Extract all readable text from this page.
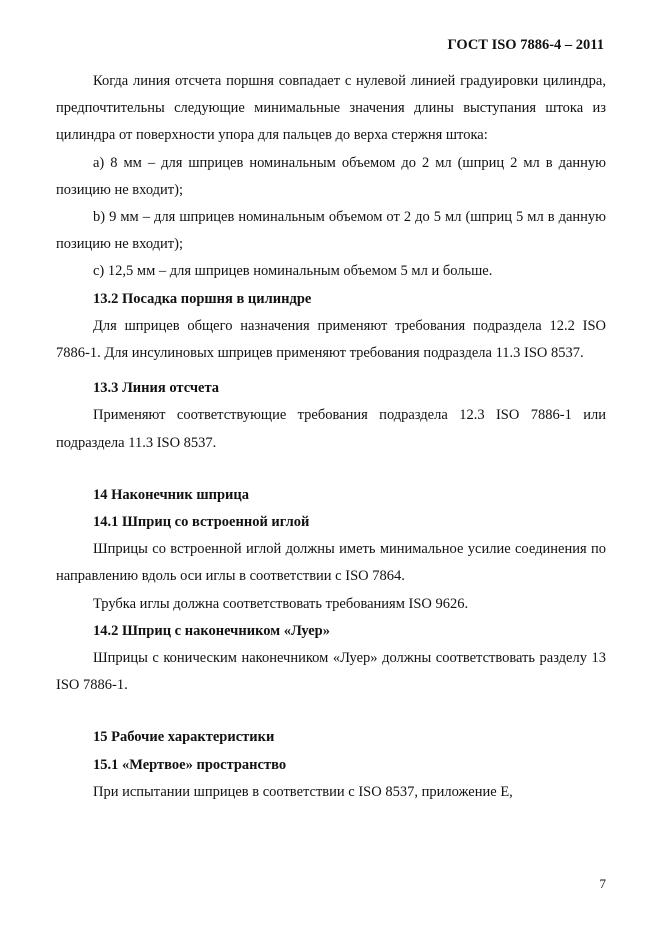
ГОСТ ISO 7886-4 – 2011

Когда линия отсчета поршня совпадает с нулевой линией градуировки цилиндра, предпочтительны следующие минимальные значения длины выступания штока из цилиндра от поверхности упора для пальцев до верха стержня штока:

а) 8 мм – для шприцев номинальным объемом до 2 мл (шприц 2 мл в данную позицию не входит);

b) 9 мм – для шприцев номинальным объемом от 2 до 5 мл (шприц 5 мл в данную позицию не входит);

c) 12,5 мм – для шприцев номинальным объемом 5 мл и больше.

13.2 Посадка поршня в цилиндре

Для шприцев общего назначения применяют требования подраздела 12.2 ISO 7886-1. Для инсулиновых шприцев применяют требования подраздела 11.3 ISO 8537.

13.3 Линия отсчета

Применяют соответствующие требования подраздела 12.3 ISO 7886-1 или подраздела 11.3 ISO 8537.

14 Наконечник шприца

14.1 Шприц со встроенной иглой

Шприцы со встроенной иглой должны иметь минимальное усилие соединения по направлению вдоль оси иглы в соответствии с ISO 7864.

Трубка иглы должна соответствовать требованиям ISO 9626.

14.2 Шприц с наконечником «Луер»

Шприцы с коническим наконечником «Луер» должны соответствовать разделу 13 ISO 7886-1.

15 Рабочие характеристики

15.1 «Мертвое» пространство

При испытании шприцев в соответствии с ISO 8537, приложение Е,

7
